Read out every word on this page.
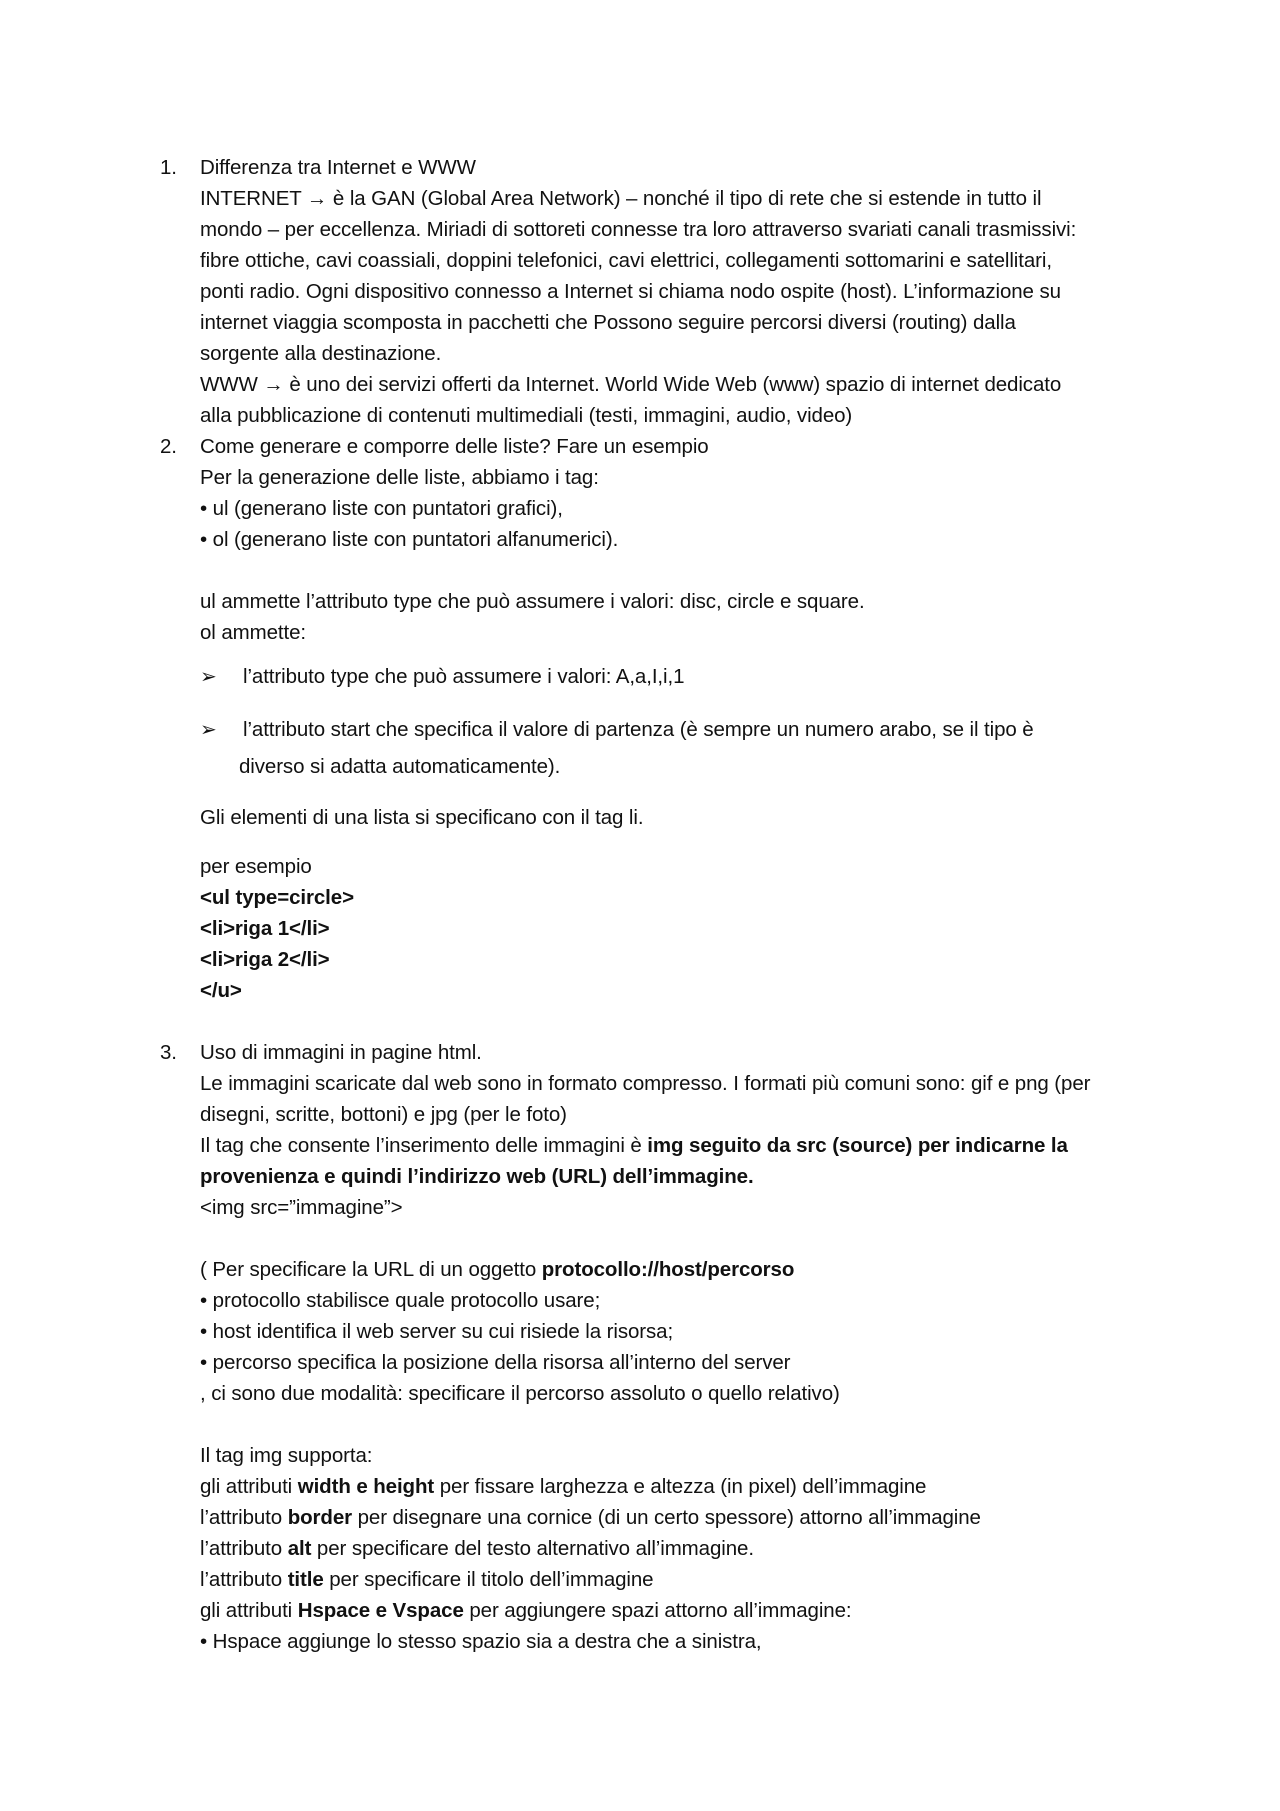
1. Differenza tra Internet e WWW
INTERNET → è la GAN (Global Area Network) – nonché il tipo di rete che si estende in tutto il
mondo – per eccellenza. Miriadi di sottoreti connesse tra loro attraverso svariati canali trasmissivi:
fibre ottiche, cavi coassiali, doppini telefonici, cavi elettrici, collegamenti sottomarini e satellitari,
ponti radio. Ogni dispositivo connesso a Internet si chiama nodo ospite (host). L’informazione su
internet viaggia scomposta in pacchetti che Possono seguire percorsi diversi (routing) dalla
sorgente alla destinazione.
WWW → è uno dei servizi offerti da Internet. World Wide Web (www) spazio di internet dedicato
alla pubblicazione di contenuti multimediali (testi, immagini, audio, video)
2. Come generare e comporre delle liste? Fare un esempio
Per la generazione delle liste, abbiamo i tag:
• ul (generano liste con puntatori grafici),
• ol (generano liste con puntatori alfanumerici).
ul ammette l’attributo type che può assumere i valori: disc, circle e square.
ol ammette:
➢ l’attributo type che può assumere i valori: A,a,I,i,1
➢ l’attributo start che specifica il valore di partenza (è sempre un numero arabo, se il tipo è
diverso si adatta automaticamente).
Gli elementi di una lista si specificano con il tag li.
per esempio
<ul type=circle>
<li>riga 1</li>
<li>riga 2</li>
</u>
3. Uso di immagini in pagine html.
Le immagini scaricate dal web sono in formato compresso. I formati più comuni sono: gif e png (per
disegni, scritte, bottoni) e jpg (per le foto)
Il tag che consente l’inserimento delle immagini è img seguito da src (source) per indicarne la
provenienza e quindi l’indirizzo web (URL) dell’immagine.
<img src=”immagine”>
( Per specificare la URL di un oggetto protocollo://host/percorso
• protocollo stabilisce quale protocollo usare;
• host identifica il web server su cui risiede la risorsa;
• percorso specifica la posizione della risorsa all’interno del server
, ci sono due modalità: specificare il percorso assoluto o quello relativo)
Il tag img supporta:
gli attributi width e height per fissare larghezza e altezza (in pixel) dell’immagine
l’attributo border per disegnare una cornice (di un certo spessore) attorno all’immagine
l’attributo alt per specificare del testo alternativo all’immagine.
l’attributo title per specificare il titolo dell’immagine
gli attributi Hspace e Vspace per aggiungere spazi attorno all’immagine:
• Hspace aggiunge lo stesso spazio sia a destra che a sinistra,
